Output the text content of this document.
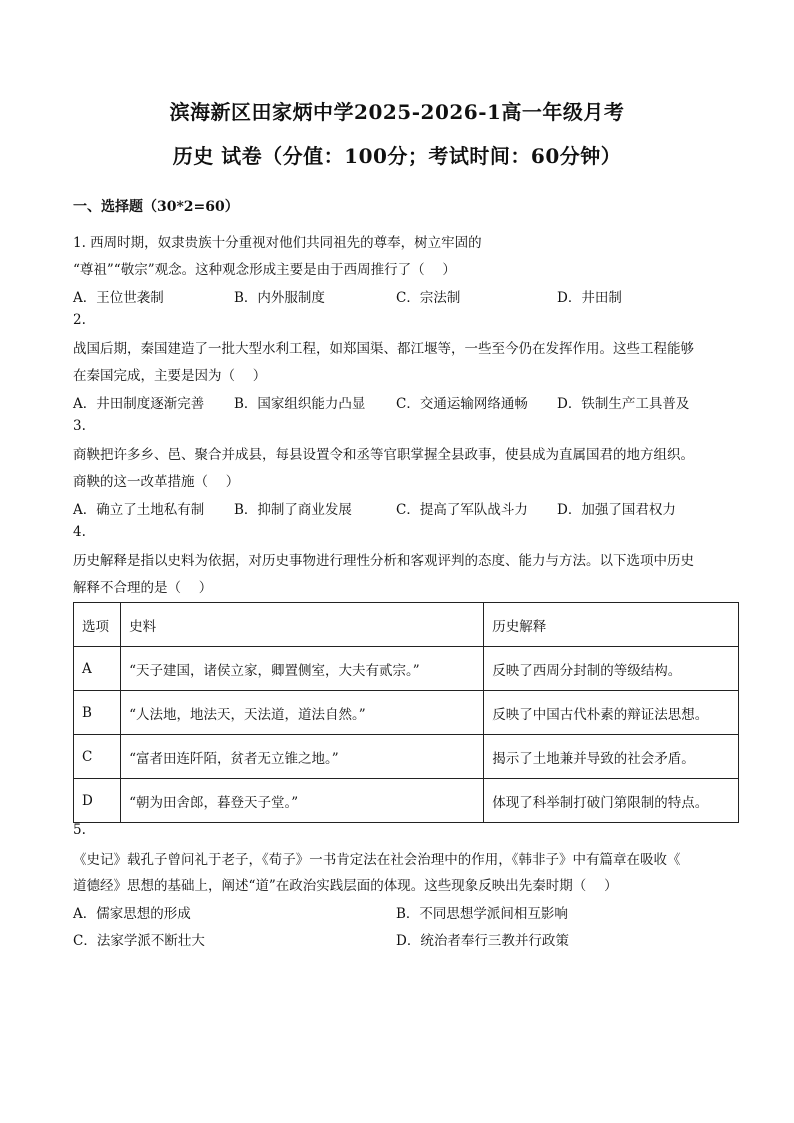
滨海新区田家炳中学2025-2026-1高一年级月考
历史 试卷（分值：100分；考试时间：60分钟）
一、选择题（30*2=60）
1. 西周时期，奴隶贵族十分重视对他们共同祖先的尊奉，树立牢固的
“尊祖”“敬宗”观念。这种观念形成主要是由于西周推行了（　 ）
A．王位世袭制	B．内外服制度	C．宗法制	D．井田制
2.
战国后期，秦国建造了一批大型水利工程，如郑国渠、都江堰等，一些至今仍在发挥作用。这些工程能够
在秦国完成，主要是因为（　 ）
A．井田制度逐渐完善 B．国家组织能力凸显 C．交通运输网络通畅 D．铁制生产工具普及
3.
商鞅把许多乡、邑、聚合并成县，每县设置令和丞等官职掌握全县政事，使县成为直属国君的地方组织。
商鞅的这一改革措施（　 ）
A．确立了土地私有制 B．抑制了商业发展	C．提高了军队战斗力 D．加强了国君权力
4.
历史解释是指以史料为依据，对历史事物进行理性分析和客观评判的态度、能力与方法。以下选项中历史
解释不合理的是（　 ）
选项	史料	历史解释
A	“天子建国，诸侯立家，卿置侧室，大夫有贰宗。”	反映了西周分封制的等级结构。
B	“人法地，地法天，天法道，道法自然。”	反映了中国古代朴素的辩证法思想。
C	“富者田连阡陌，贫者无立锥之地。”	揭示了土地兼并导致的社会矛盾。
D	“朝为田舍郎，暮登天子堂。”	体现了科举制打破门第限制的特点。
5.
《史记》载孔子曾问礼于老子，《荀子》一书肯定法在社会治理中的作用，《韩非子》中有篇章在吸收《
道德经》思想的基础上，阐述“道”在政治实践层面的体现。这些现象反映出先秦时期（　 ）
A．儒家思想的形成	B．不同思想学派间相互影响
C．法家学派不断壮大	D．统治者奉行三教并行政策
